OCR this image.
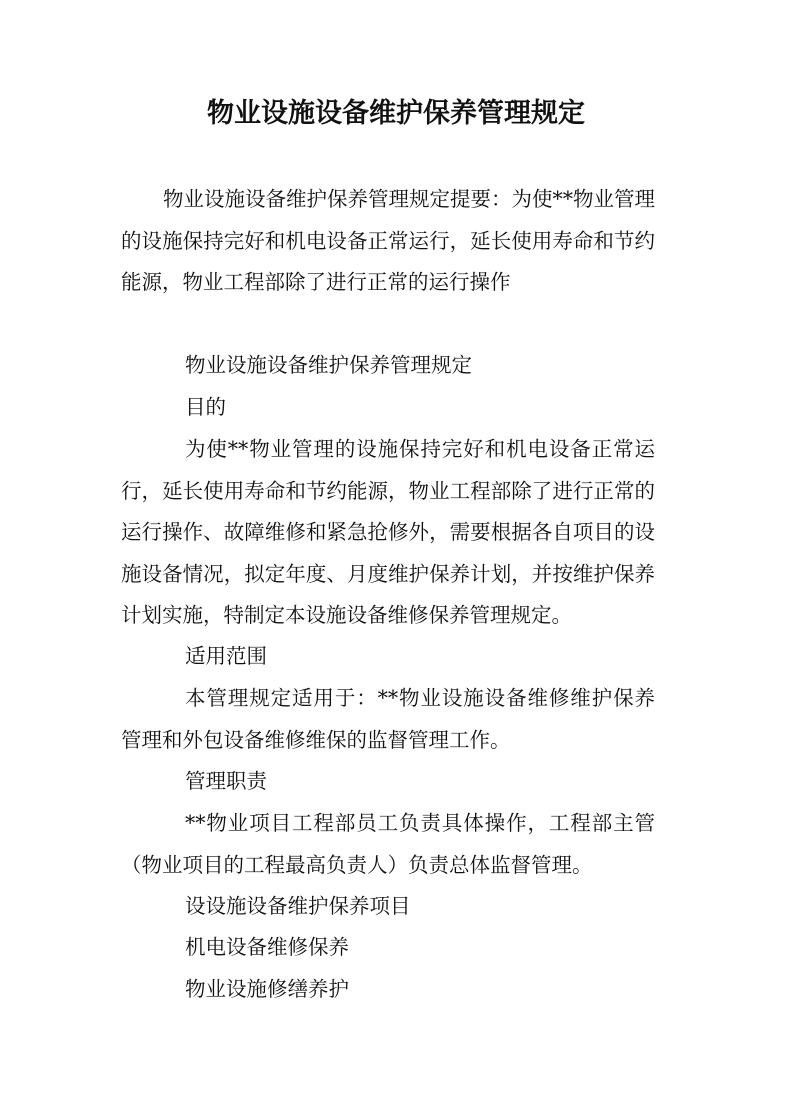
物业设施设备维护保养管理规定

物业设施设备维护保养管理规定提要：为使**物业管理的设施保持完好和机电设备正常运行，延长使用寿命和节约能源，物业工程部除了进行正常的运行操作

物业设施设备维护保养管理规定

目的

为使**物业管理的设施保持完好和机电设备正常运行，延长使用寿命和节约能源，物业工程部除了进行正常的运行操作、故障维修和紧急抢修外，需要根据各自项目的设施设备情况，拟定年度、月度维护保养计划，并按维护保养计划实施，特制定本设施设备维修保养管理规定。

适用范围

本管理规定适用于：**物业设施设备维修维护保养管理和外包设备维修维保的监督管理工作。

管理职责

**物业项目工程部员工负责具体操作，工程部主管（物业项目的工程最高负责人）负责总体监督管理。

设设施设备维护保养项目

机电设备维修保养

物业设施修缮养护
